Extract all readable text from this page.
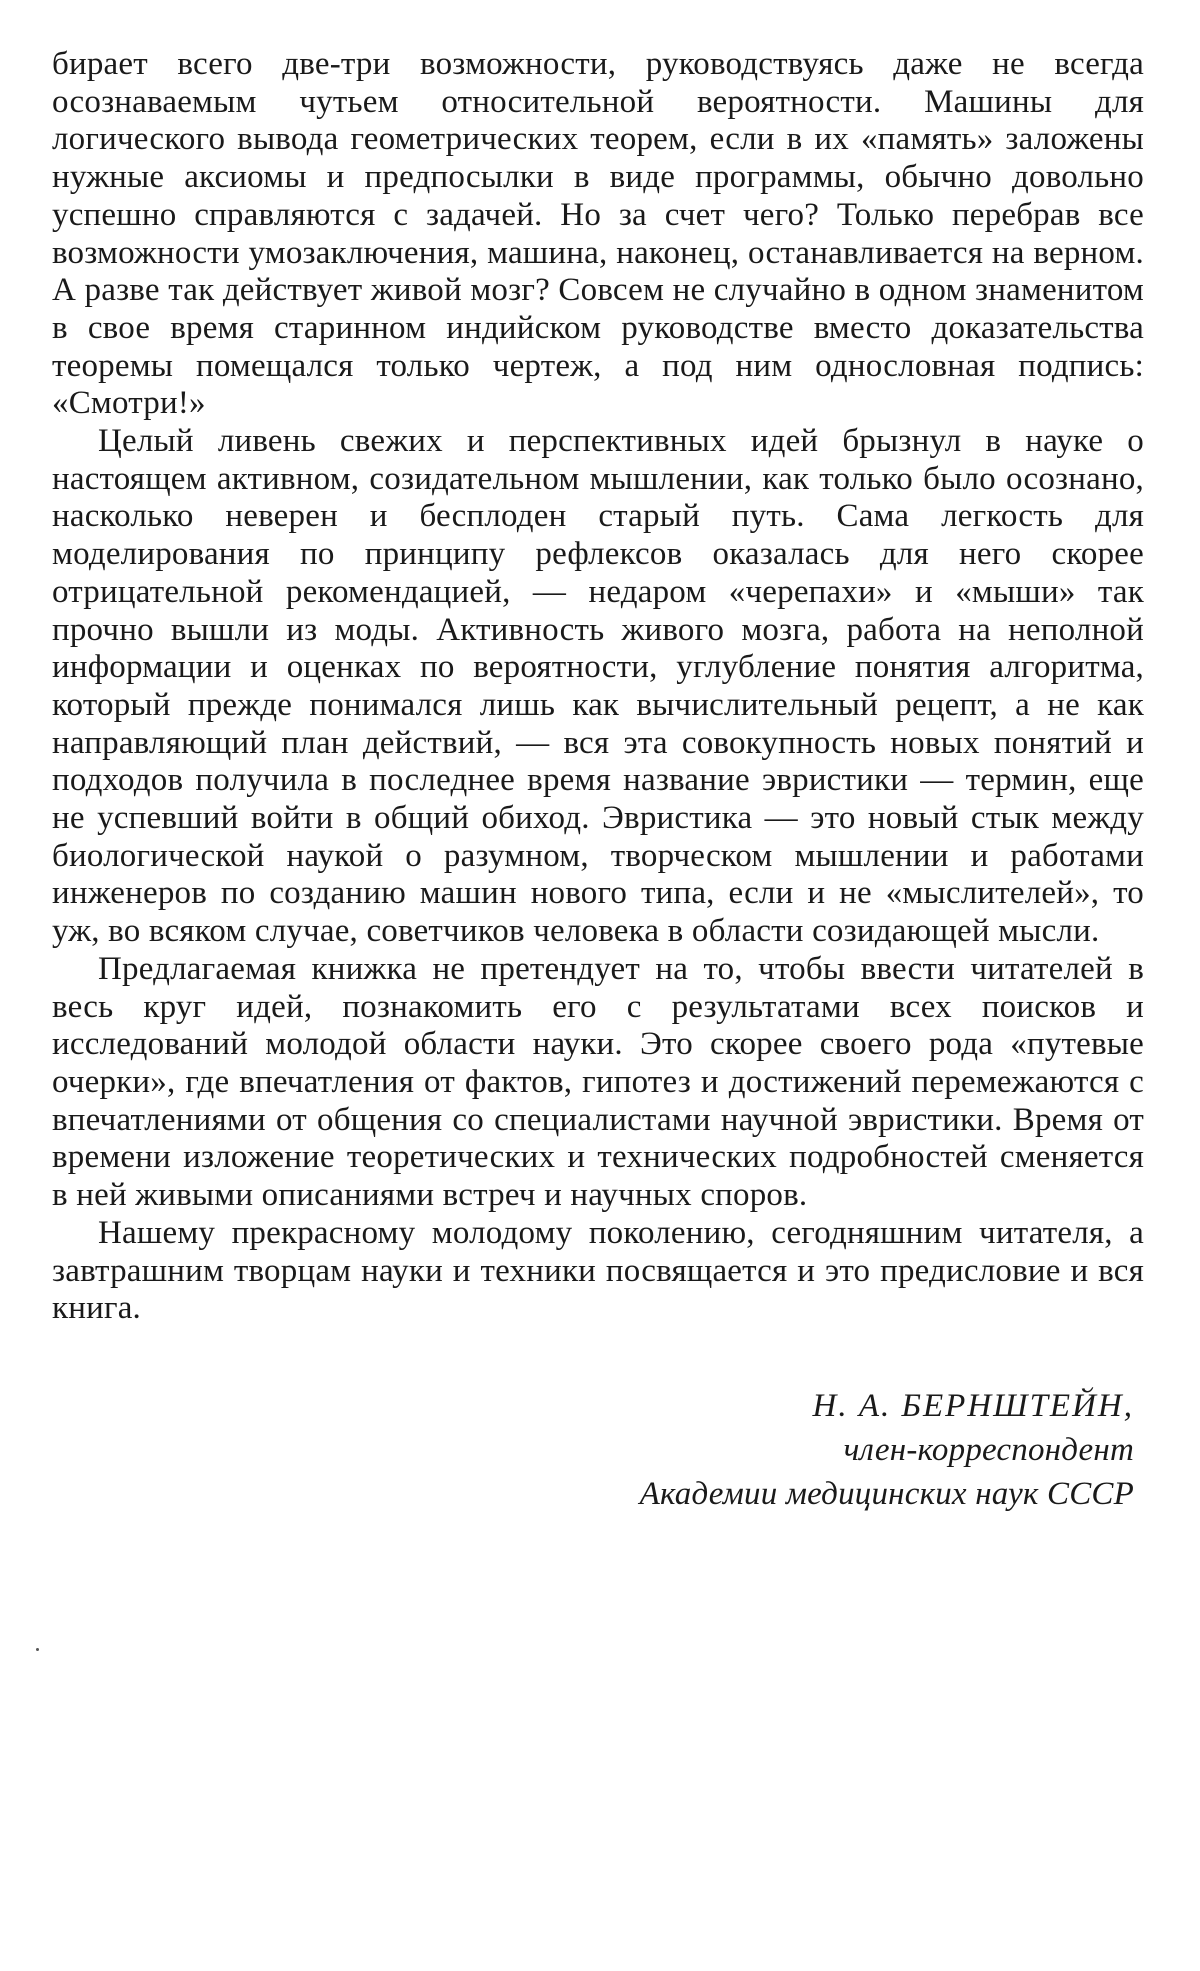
бирает всего две-три возможности, руководствуясь даже не всегда осознаваемым чутьем относительной вероятности. Машины для логического вывода геометрических теорем, если в их «память» заложены нужные аксиомы и предпосылки в виде программы, обычно довольно успешно справляются с задачей. Но за счет чего? Только перебрав все возможности умозаключения, машина, наконец, останавливается на верном. А разве так действует живой мозг? Совсем не случайно в одном знаменитом в свое время старинном индийском руководстве вместо доказательства теоремы помещался только чертеж, а под ним однословная подпись: «Смотри!»

Целый ливень свежих и перспективных идей брызнул в науке о настоящем активном, созидательном мышлении, как только было осознано, насколько неверен и бесплоден старый путь. Сама легкость для моделирования по принципу рефлексов оказалась для него скорее отрицательной рекомендацией, — недаром «черепахи» и «мыши» так прочно вышли из моды. Активность живого мозга, работа на неполной информации и оценках по вероятности, углубление понятия алгоритма, который прежде понимался лишь как вычислительный рецепт, а не как направляющий план действий, — вся эта совокупность новых понятий и подходов получила в последнее время название эвристики — термин, еще не успевший войти в общий обиход. Эвристика — это новый стык между биологической наукой о разумном, творческом мышлении и работами инженеров по созданию машин нового типа, если и не «мыслителей», то уж, во всяком случае, советчиков человека в области созидающей мысли.

Предлагаемая книжка не претендует на то, чтобы ввести читателей в весь круг идей, познакомить его с результатами всех поисков и исследований молодой области науки. Это скорее своего рода «путевые очерки», где впечатления от фактов, гипотез и достижений перемежаются с впечатлениями от общения со специалистами научной эвристики. Время от времени изложение теоретических и технических подробностей сменяется в ней живыми описаниями встреч и научных споров.

Нашему прекрасному молодому поколению, сегодняшним читателя, а завтрашним творцам науки и техники посвящается и это предисловие и вся книга.

Н. А. БЕРНШТЕЙН,
член-корреспондент
Академии медицинских наук СССР
